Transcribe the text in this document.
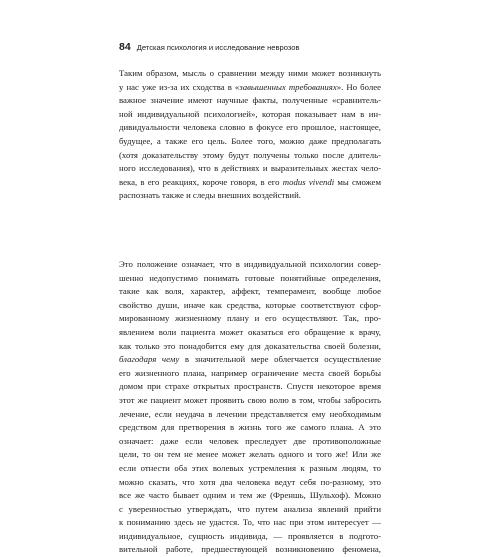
84 Детская психология и исследование неврозов
Таким образом, мысль о сравнении между ними может возникнуть
у нас уже из-за их сходства в «завышенных требованиях». Но более
важное значение имеют научные факты, полученные «сравнитель-
ной индивидуальной психологией», которая показывает нам в ин-
дивидуальности человека словно в фокусе его прошлое, настоящее,
будущее, а также его цель. Более того, можно даже предполагать
(хотя доказательству этому будут получены только после длитель-
ного исследования), что в действиях и выразительных жестах чело-
века, в его реакциях, короче говоря, в его modus vivendi мы сможем
распознать также и следы внешних воздействий.
Это положение означает, что в индивидуальной психологии совер-
шенно недопустимо понимать готовые понятийные определения,
такие как воля, характер, аффект, темперамент, вообще любое
свойство души, иначе как средства, которые соответствуют сфор-
мированному жизненному плану и его осуществляют. Так, про-
явлением воли пациента может оказаться его обращение к врачу,
как только это понадобится ему для доказательства своей болезни,
благодаря чему в значительной мере облегчается осуществление
его жизненного плана, например ограничение места своей борьбы
домом при страхе открытых пространств. Спустя некоторое время
этот же пациент может проявить свою волю в том, чтобы забросить
лечение, если неудача в лечении представляется ему необходимым
средством для претворения в жизнь того же самого плана. А это
означает: даже если человек преследует две противоположные
цели, то он тем не менее может желать одного и того же! Или же
если отнести оба этих волевых устремления к разным людям, то
можно сказать, что хотя два человека ведут себя по-разному, это
все же часто бывает одним и тем же (Френшь, Шульхоф). Можно
с уверенностью утверждать, что путем анализа явлений прийти
к пониманию здесь не удастся. То, что нас при этом интересует —
индивидуальное, сущность индивида, — проявляется в подгото-
вительной работе, предшествующей возникновению феномена,
